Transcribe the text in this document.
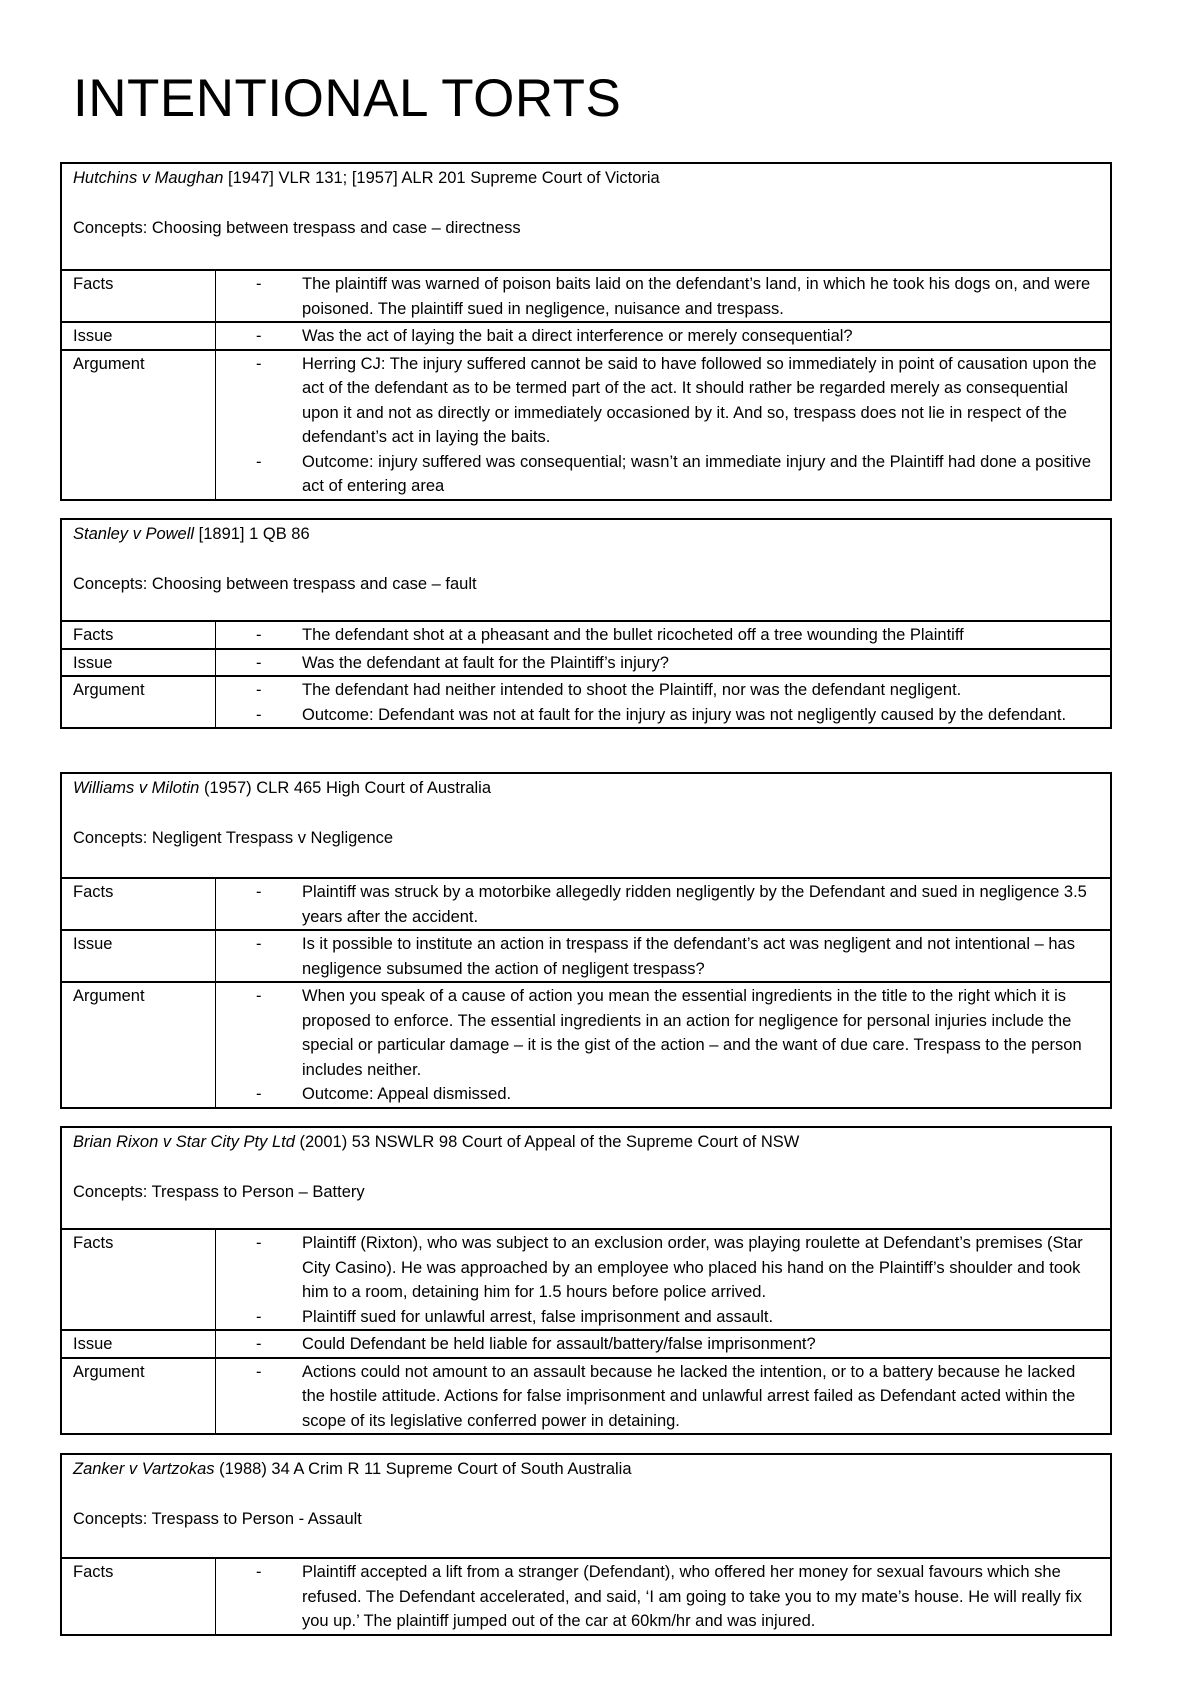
INTENTIONAL TORTS
Hutchins v Maughan [1947] VLR 131; [1957] ALR 201 Supreme Court of Victoria
Concepts: Choosing between trespass and case – directness
Facts	- The plaintiff was warned of poison baits laid on the defendant’s land, in which he took his dogs on, and were poisoned. The plaintiff sued in negligence, nuisance and trespass.

Issue	- Was the act of laying the bait a direct interference or merely consequential?

Argument	- Herring CJ: The injury suffered cannot be said to have followed so immediately in point of causation upon the act of the defendant as to be termed part of the act. It should rather be regarded merely as consequential upon it and not as directly or immediately occasioned by it. And so, trespass does not lie in respect of the defendant’s act in laying the baits.
- Outcome: injury suffered was consequential; wasn’t an immediate injury and the Plaintiff had done a positive act of entering area
Stanley v Powell [1891] 1 QB 86
Concepts: Choosing between trespass and case – fault
Facts	- The defendant shot at a pheasant and the bullet ricocheted off a tree wounding the Plaintiff

Issue	- Was the defendant at fault for the Plaintiff’s injury?

Argument	- The defendant had neither intended to shoot the Plaintiff, nor was the defendant negligent.
- Outcome: Defendant was not at fault for the injury as injury was not negligently caused by the defendant.
Williams v Milotin (1957) CLR 465 High Court of Australia
Concepts: Negligent Trespass v Negligence
Facts	- Plaintiff was struck by a motorbike allegedly ridden negligently by the Defendant and sued in negligence 3.5 years after the accident.

Issue	- Is it possible to institute an action in trespass if the defendant’s act was negligent and not intentional – has negligence subsumed the action of negligent trespass?

Argument	- When you speak of a cause of action you mean the essential ingredients in the title to the right which it is proposed to enforce. The essential ingredients in an action for negligence for personal injuries include the special or particular damage – it is the gist of the action – and the want of due care. Trespass to the person includes neither.
- Outcome: Appeal dismissed.
Brian Rixon v Star City Pty Ltd (2001) 53 NSWLR 98 Court of Appeal of the Supreme Court of NSW
Concepts: Trespass to Person – Battery
Facts	- Plaintiff (Rixton), who was subject to an exclusion order, was playing roulette at Defendant’s premises (Star City Casino). He was approached by an employee who placed his hand on the Plaintiff’s shoulder and took him to a room, detaining him for 1.5 hours before police arrived.
- Plaintiff sued for unlawful arrest, false imprisonment and assault.

Issue	- Could Defendant be held liable for assault/battery/false imprisonment?

Argument	- Actions could not amount to an assault because he lacked the intention, or to a battery because he lacked the hostile attitude. Actions for false imprisonment and unlawful arrest failed as Defendant acted within the scope of its legislative conferred power in detaining.
Zanker v Vartzokas (1988) 34 A Crim R 11 Supreme Court of South Australia
Concepts: Trespass to Person - Assault
Facts	-	Plaintiff accepted a lift from a stranger (Defendant), who offered her money for sexual favours which she refused. The Defendant accelerated, and said, ‘I am going to take you to my mate’s house. He will really fix you up.’ The plaintiff jumped out of the car at 60km/hr and was injured.
